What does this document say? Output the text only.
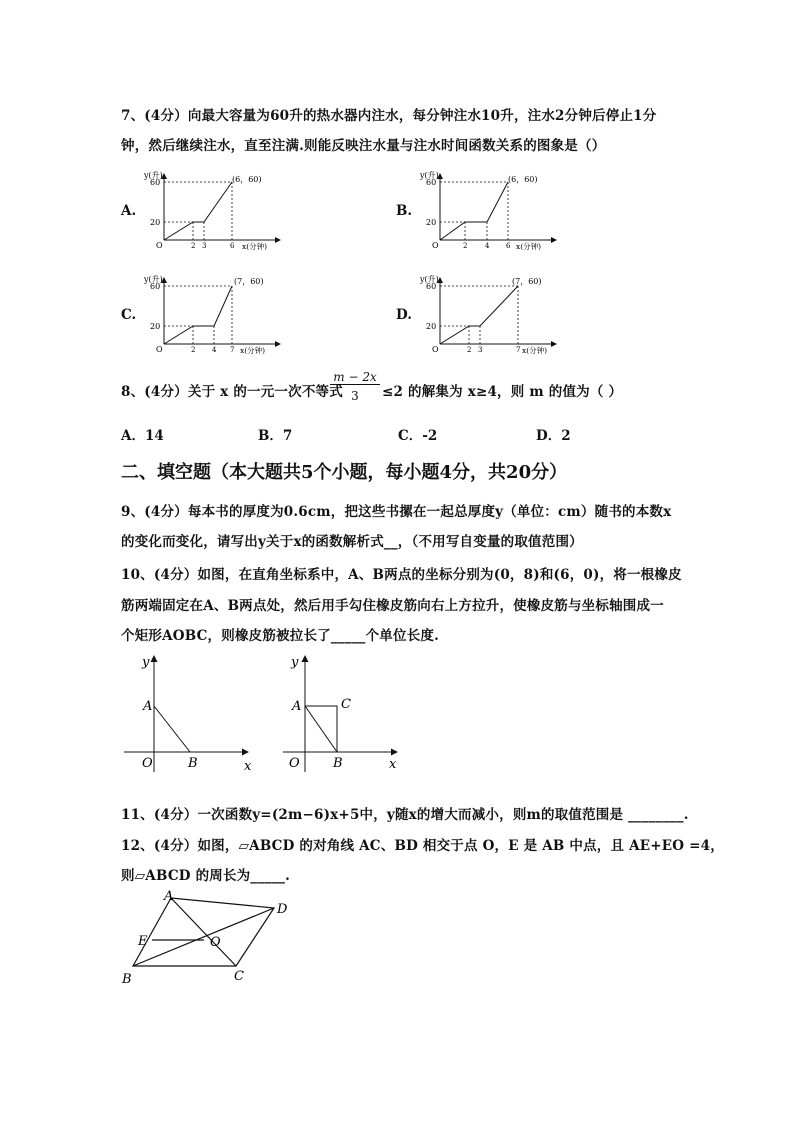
7、(4分）向最大容量为60升的热水器内注水，每分钟注水10升，注水2分钟后停止1分
钟，然后继续注水，直至注满.则能反映注水量与注水时间函数关系的图象是（）
A.	B.
C.	D.
y(升)
60
20
(6，60)
O	2 3	6 x(分钟)
y(升)
60
20
(6，60)
O	2	4 6 x(分钟)
y(升)
60
20
(7，60)
O	2 4 7 x(分钟)
y(升)
60
20
(7，60)
O	2 3	7 x(分钟)
8、(4分）关于 x 的一元一次不等式
m − 2x
3	≤2 的解集为 x≥4，则 m 的值为（ ）
A．14	B．7	C．-2	D．2
二、填空题（本大题共5个小题，每小题4分，共20分）
9、(4分）每本书的厚度为0.6cm，把这些书摞在一起总厚度y（单位：cm）随书的本数x
的变化而变化，请写出y关于x的函数解析式__，（不用写自变量的取值范围）
10、(4分）如图，在直角坐标系中，A、B两点的坐标分别为(0，8)和(6，0)，将一根橡皮
筋两端固定在A、B两点处，然后用手勾住橡皮筋向右上方拉升，使橡皮筋与坐标轴围成一
个矩形AOBC，则橡皮筋被拉长了_____个单位长度.
y
x
O
A
B
y
x
O
A	C
B
11、(4分）一次函数y=(2m−6)x+5中，y随x的增大而减小，则m的取值范围是 ________.
12、(4分）如图，▱ABCD 的对角线 AC、BD 相交于点 O，E 是 AB 中点，且 AE+EO =4，
则▱ABCD 的周长为_____.
A
B	C
D
E	O
